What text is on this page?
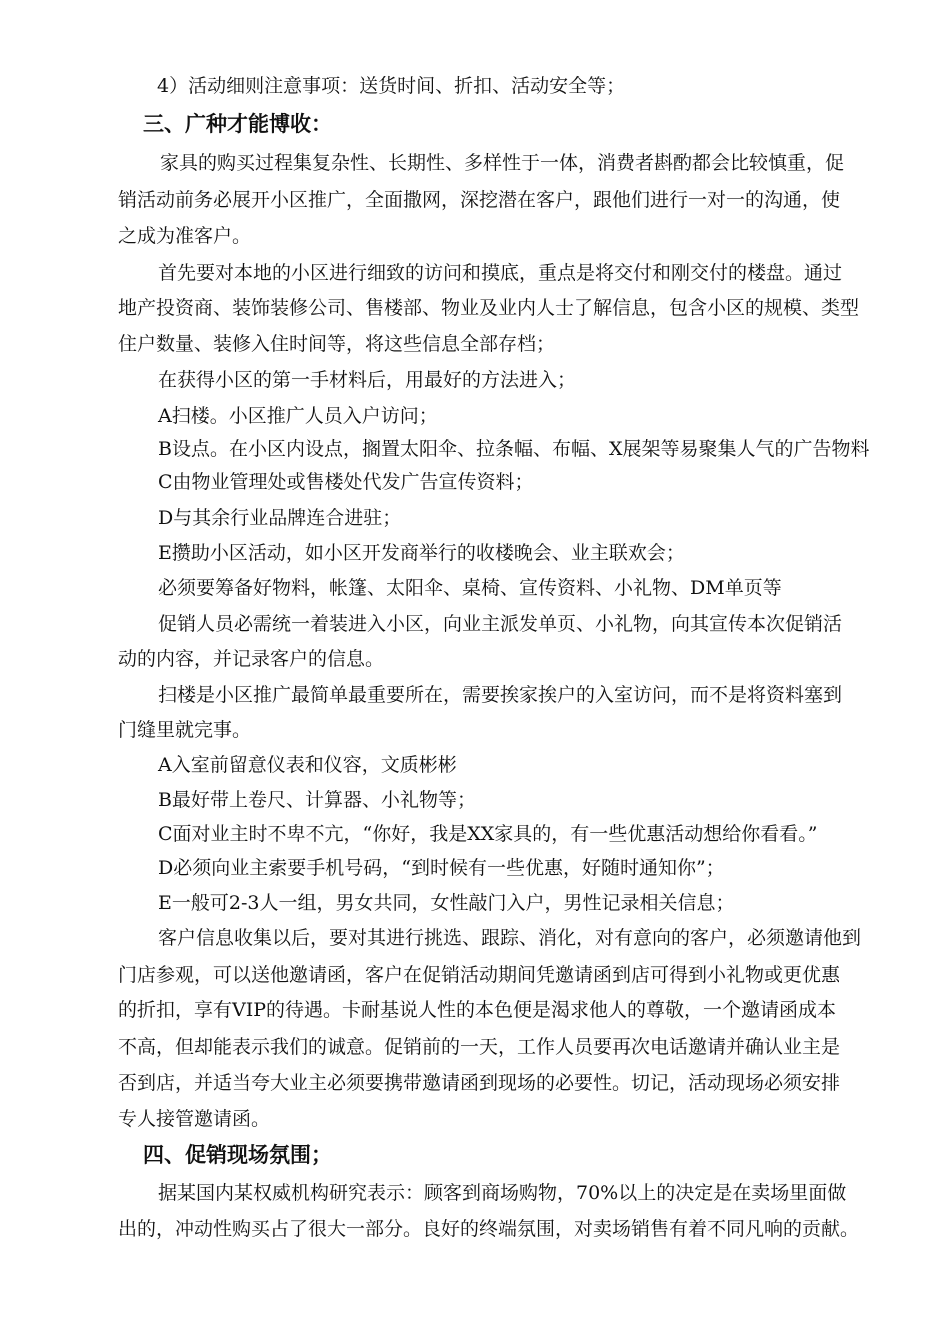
4）活动细则注意事项：送货时间、折扣、活动安全等；
三、广种才能博收：
家具的购买过程集复杂性、长期性、多样性于一体，消费者斟酌都会比较慎重，促
销活动前务必展开小区推广，全面撒网，深挖潜在客户，跟他们进行一对一的沟通，使
之成为准客户。
首先要对本地的小区进行细致的访问和摸底，重点是将交付和刚交付的楼盘。通过
地产投资商、装饰装修公司、售楼部、物业及业内人士了解信息，包含小区的规模、类型
住户数量、装修入住时间等，将这些信息全部存档；
在获得小区的第一手材料后，用最好的方法进入；
A扫楼。小区推广人员入户访问；
B设点。在小区内设点，搁置太阳伞、拉条幅、布幅、X展架等易聚集人气的广告物料
C由物业管理处或售楼处代发广告宣传资料；
D与其余行业品牌连合进驻；
E攒助小区活动，如小区开发商举行的收楼晚会、业主联欢会；
必须要筹备好物料，帐篷、太阳伞、桌椅、宣传资料、小礼物、DM单页等
促销人员必需统一着装进入小区，向业主派发单页、小礼物，向其宣传本次促销活
动的内容，并记录客户的信息。
扫楼是小区推广最简单最重要所在，需要挨家挨户的入室访问，而不是将资料塞到
门缝里就完事。
A入室前留意仪表和仪容，文质彬彬
B最好带上卷尺、计算器、小礼物等；
C面对业主时不卑不亢，“你好，我是XX家具的，有一些优惠活动想给你看看。”
D必须向业主索要手机号码，“到时候有一些优惠，好随时通知你”；
E一般可2-3人一组，男女共同，女性敲门入户，男性记录相关信息；
客户信息收集以后，要对其进行挑选、跟踪、消化，对有意向的客户，必须邀请他到
门店参观，可以送他邀请函，客户在促销活动期间凭邀请函到店可得到小礼物或更优惠
的折扣，享有VIP的待遇。卡耐基说人性的本色便是渴求他人的尊敬，一个邀请函成本
不高，但却能表示我们的诚意。促销前的一天，工作人员要再次电话邀请并确认业主是
否到店，并适当夸大业主必须要携带邀请函到现场的必要性。切记，活动现场必须安排
专人接管邀请函。
四、促销现场氛围；
据某国内某权威机构研究表示：顾客到商场购物，70%以上的决定是在卖场里面做
出的，冲动性购买占了很大一部分。良好的终端氛围，对卖场销售有着不同凡响的贡献。
